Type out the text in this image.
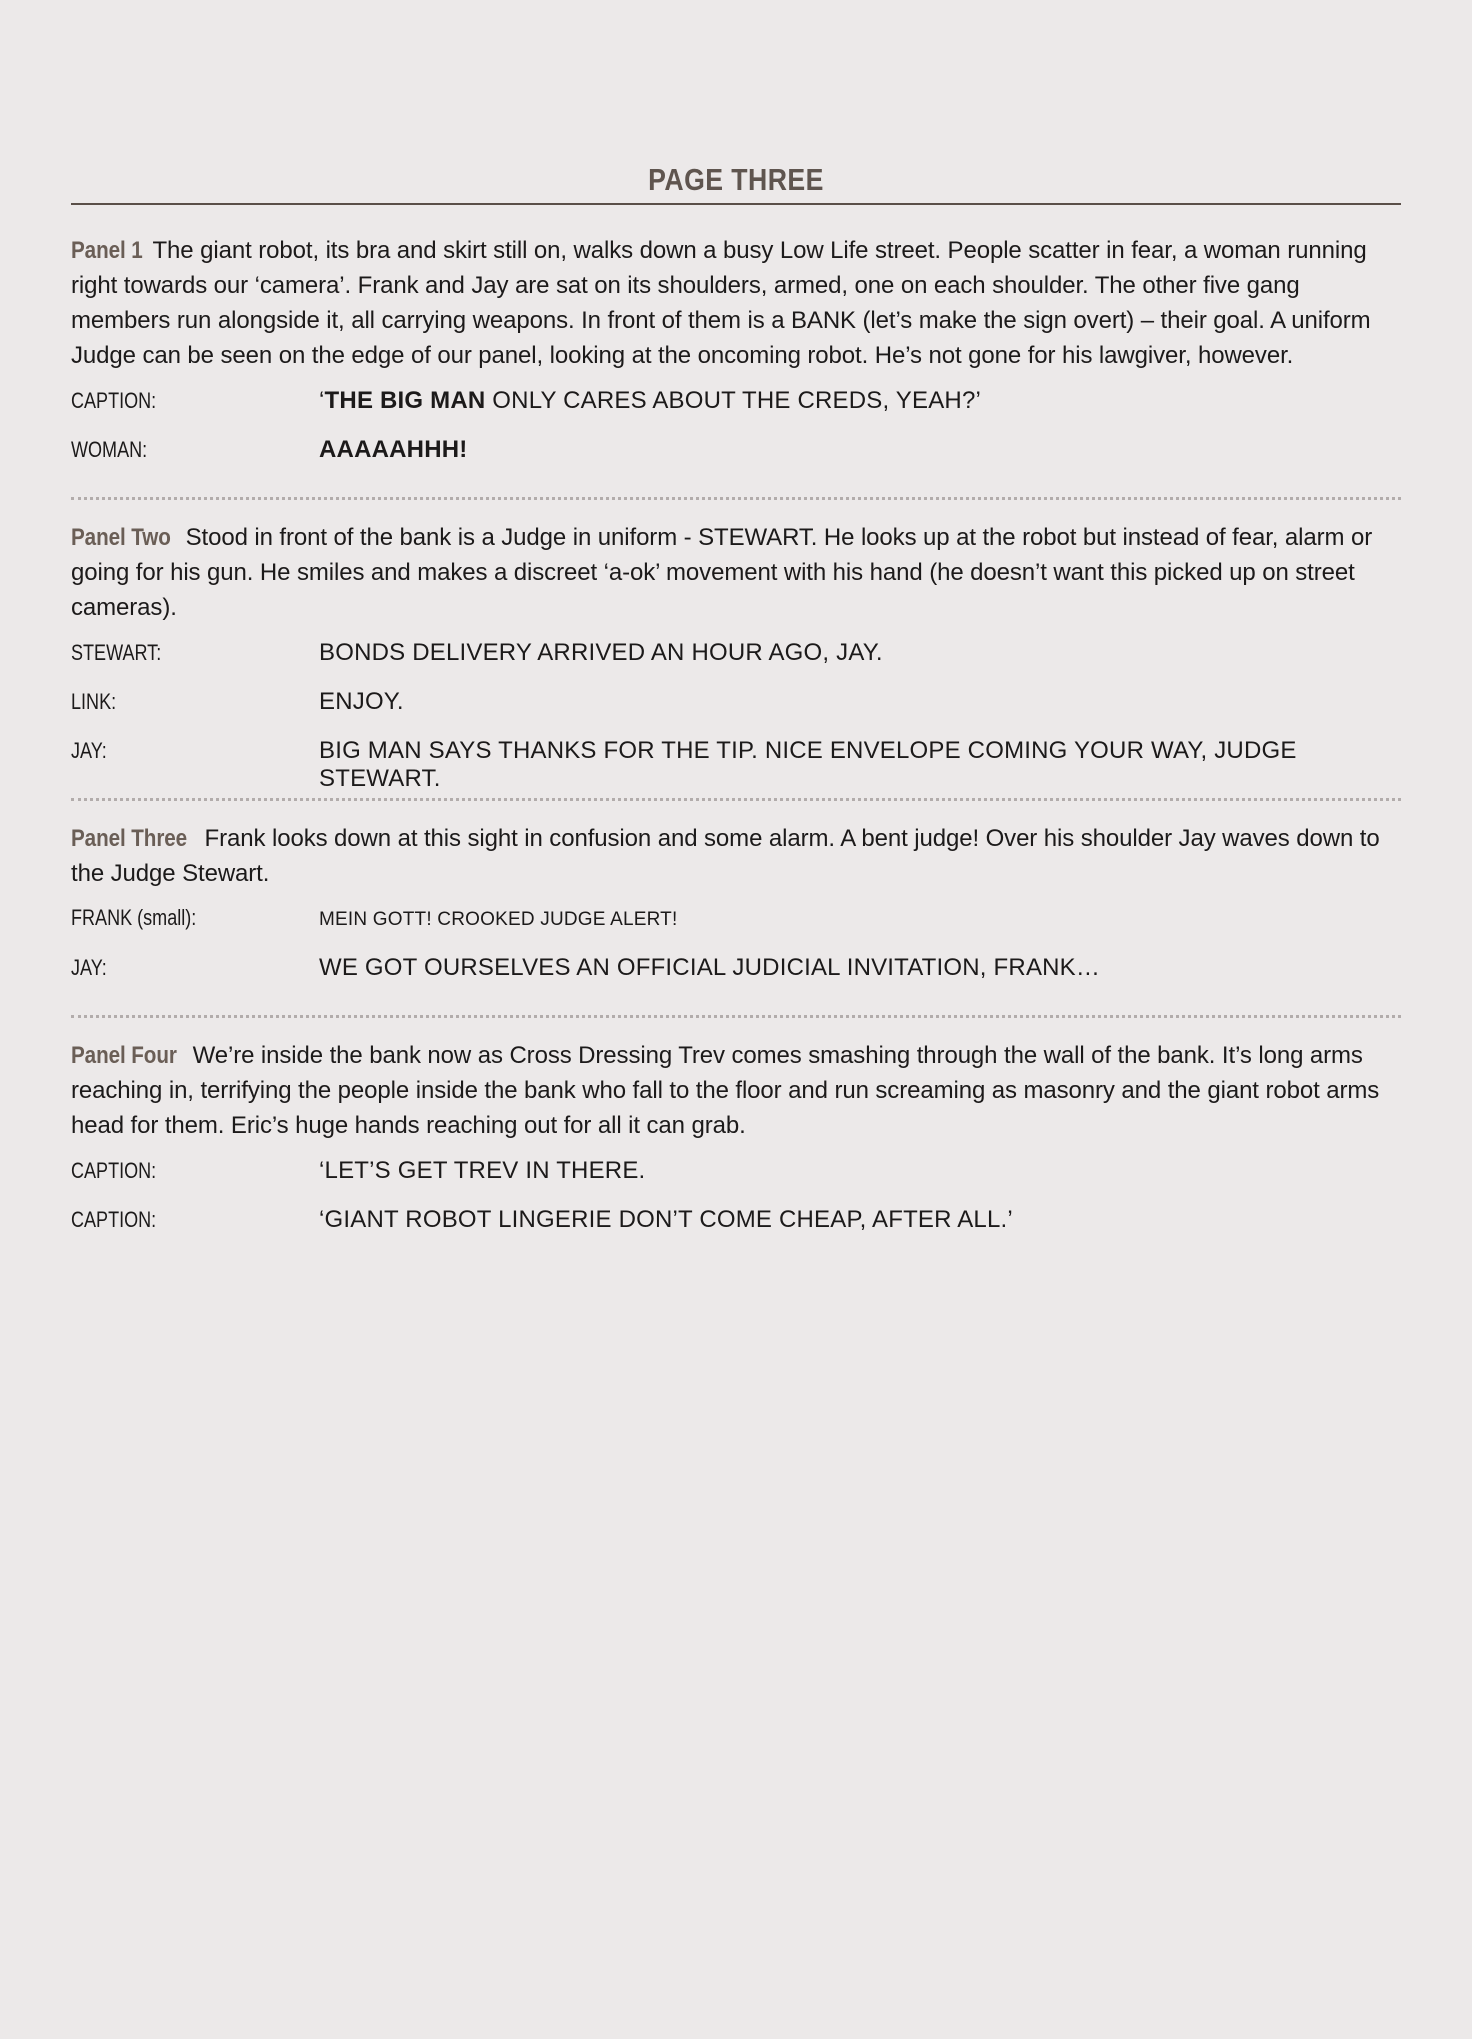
PAGE THREE

Panel 1 The giant robot, its bra and skirt still on, walks down a busy Low Life street. People scatter in fear, a woman running right towards our ‘camera’. Frank and Jay are sat on its shoulders, armed, one on each shoulder. The other five gang members run alongside it, all carrying weapons. In front of them is a BANK (let’s make the sign overt) – their goal. A uniform Judge can be seen on the edge of our panel, looking at the oncoming robot. He’s not gone for his lawgiver, however.

CAPTION:	‘THE BIG MAN ONLY CARES ABOUT THE CREDS, YEAH?’
WOMAN:	AAAAAHHH!

Panel Two Stood in front of the bank is a Judge in uniform - STEWART. He looks up at the robot but instead of fear, alarm or going for his gun. He smiles and makes a discreet ‘a-ok’ movement with his hand (he doesn’t want this picked up on street cameras).

STEWART:	BONDS DELIVERY ARRIVED AN HOUR AGO, JAY.
LINK:	ENJOY.
JAY:	BIG MAN SAYS THANKS FOR THE TIP. NICE ENVELOPE COMING YOUR WAY, JUDGE STEWART.

Panel Three Frank looks down at this sight in confusion and some alarm. A bent judge! Over his shoulder Jay waves down to the Judge Stewart.

FRANK (small):	MEIN GOTT! CROOKED JUDGE ALERT!
JAY:	WE GOT OURSELVES AN OFFICIAL JUDICIAL INVITATION, FRANK…

Panel Four We’re inside the bank now as Cross Dressing Trev comes smashing through the wall of the bank. It’s long arms reaching in, terrifying the people inside the bank who fall to the floor and run screaming as masonry and the giant robot arms head for them. Eric’s huge hands reaching out for all it can grab.

CAPTION:	‘LET’S GET TREV IN THERE.
CAPTION:	‘GIANT ROBOT LINGERIE DON’T COME CHEAP, AFTER ALL.’
